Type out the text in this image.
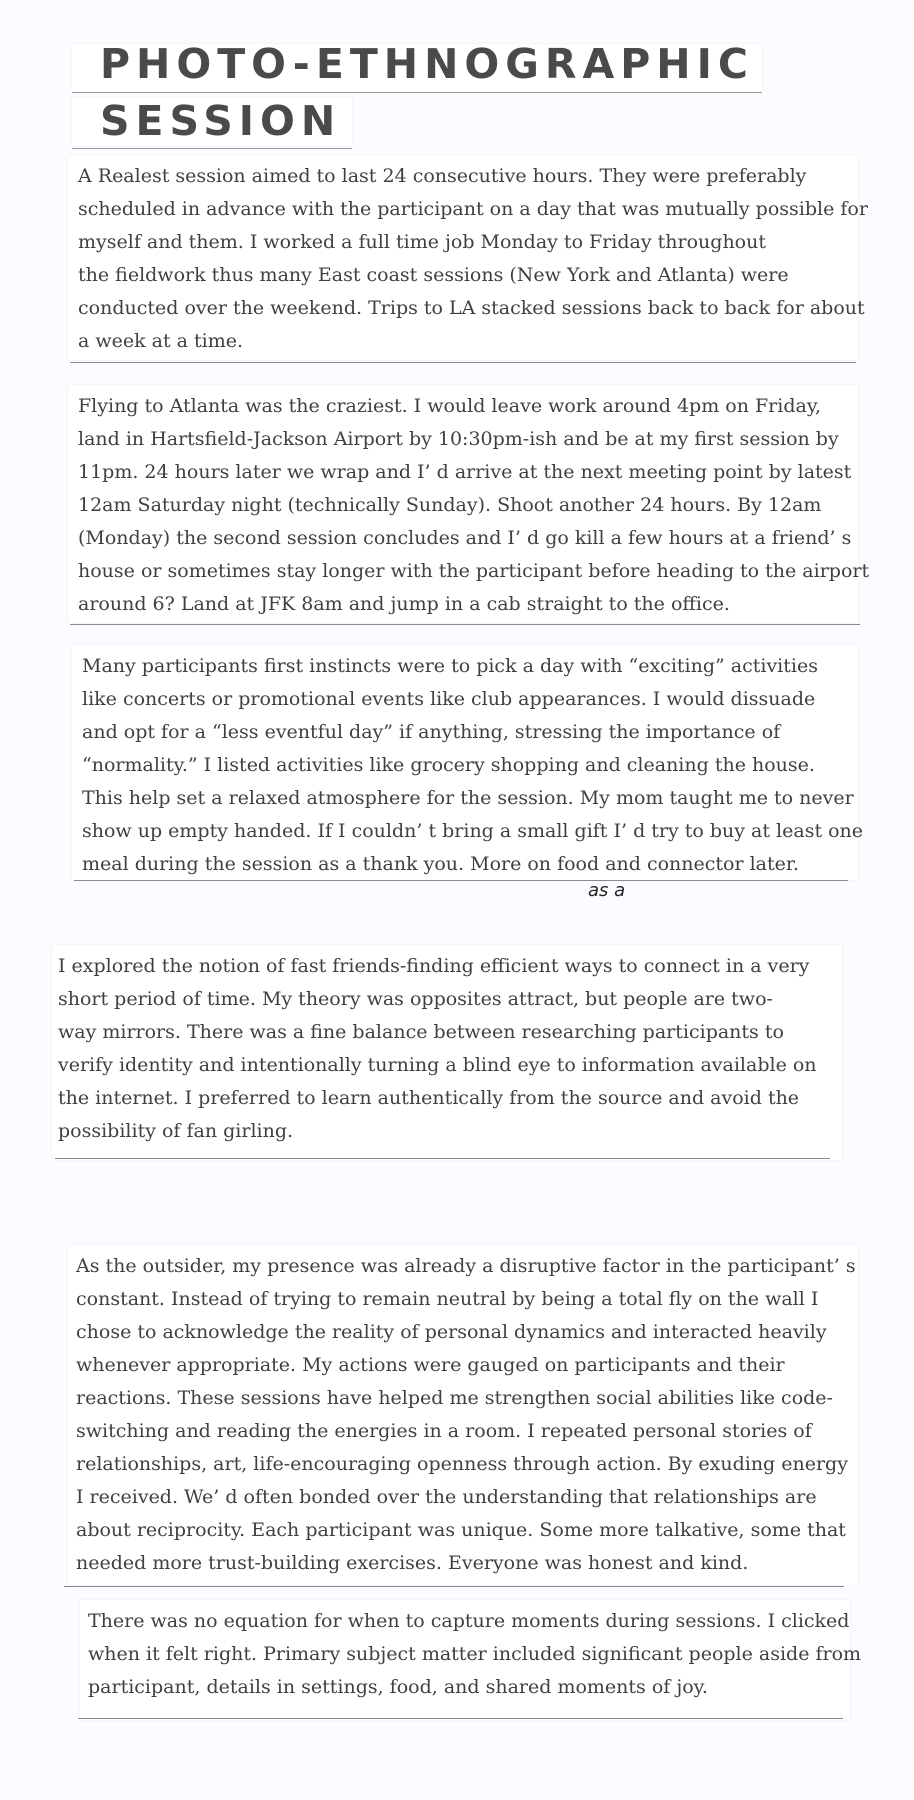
PHOTO-ETHNOGRAPHIC
SESSION
A Realest session aimed to last 24 consecutive hours. They were preferably
scheduled in advance with the participant on a day that was mutually possible for
myself and them. I worked a full time job Monday to Friday throughout
the fieldwork thus many East coast sessions (New York and Atlanta) were
conducted over the weekend. Trips to LA stacked sessions back to back for about
a week at a time.
Flying to Atlanta was the craziest. I would leave work around 4pm on Friday,
land in Hartsfield-Jackson Airport by 10:30pm-ish and be at my first session by
11pm. 24 hours later we wrap and I’ d arrive at the next meeting point by latest
12am Saturday night (technically Sunday). Shoot another 24 hours. By 12am
(Monday) the second session concludes and I’ d go kill a few hours at a friend’ s
house or sometimes stay longer with the participant before heading to the airport
around 6? Land at JFK 8am and jump in a cab straight to the office.
Many participants first instincts were to pick a day with “exciting” activities
like concerts or promotional events like club appearances. I would dissuade
and opt for a “less eventful day” if anything, stressing the importance of
“normality.” I listed activities like grocery shopping and cleaning the house.
This help set a relaxed atmosphere for the session. My mom taught me to never
show up empty handed. If I couldn’ t bring a small gift I’ d try to buy at least one
meal during the session as a thank you. More on food and connector later.

as a

I explored the notion of fast friends-finding efficient ways to connect in a very
short period of time. My theory was opposites attract, but people are two-
way mirrors. There was a fine balance between researching participants to
verify identity and intentionally turning a blind eye to information available on
the internet. I preferred to learn authentically from the source and avoid the
possibility of fan girling.
As the outsider, my presence was already a disruptive factor in the participant’ s
constant. Instead of trying to remain neutral by being a total fly on the wall I
chose to acknowledge the reality of personal dynamics and interacted heavily
whenever appropriate. My actions were gauged on participants and their
reactions. These sessions have helped me strengthen social abilities like code-
switching and reading the energies in a room. I repeated personal stories of
relationships, art, life-encouraging openness through action. By exuding energy
I received. We’ d often bonded over the understanding that relationships are
about reciprocity. Each participant was unique. Some more talkative, some that
needed more trust-building exercises. Everyone was honest and kind.
There was no equation for when to capture moments during sessions. I clicked
when it felt right. Primary subject matter included significant people aside from
participant, details in settings, food, and shared moments of joy.
